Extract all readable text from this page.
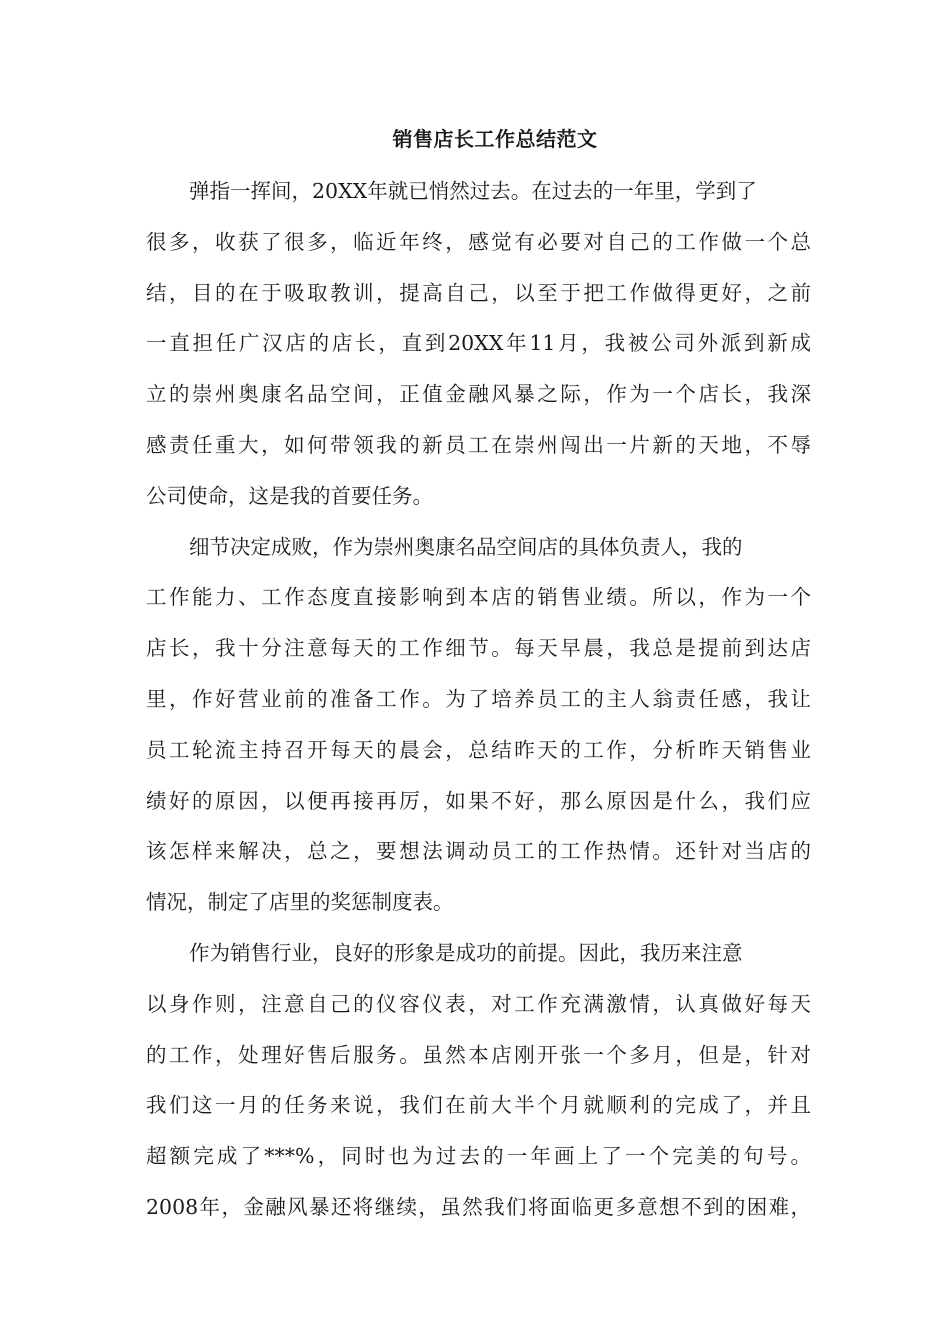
销售店长工作总结范文
弹指一挥间，20XX年就已悄然过去。在过去的一年里，学到了
很多，收获了很多，临近年终，感觉有必要对自己的工作做一个总
结，目的在于吸取教训，提高自己，以至于把工作做得更好，之前
一直担任广汉店的店长，直到20XX年11月，我被公司外派到新成
立的崇州奥康名品空间，正值金融风暴之际，作为一个店长，我深
感责任重大，如何带领我的新员工在崇州闯出一片新的天地，不辱
公司使命，这是我的首要任务。
细节决定成败，作为崇州奥康名品空间店的具体负责人，我的
工作能力、工作态度直接影响到本店的销售业绩。所以，作为一个
店长，我十分注意每天的工作细节。每天早晨，我总是提前到达店
里，作好营业前的准备工作。为了培养员工的主人翁责任感，我让
员工轮流主持召开每天的晨会，总结昨天的工作，分析昨天销售业
绩好的原因，以便再接再厉，如果不好，那么原因是什么，我们应
该怎样来解决，总之，要想法调动员工的工作热情。还针对当店的
情况，制定了店里的奖惩制度表。
作为销售行业，良好的形象是成功的前提。因此，我历来注意
以身作则，注意自己的仪容仪表，对工作充满激情，认真做好每天
的工作，处理好售后服务。虽然本店刚开张一个多月，但是，针对
我们这一月的任务来说，我们在前大半个月就顺利的完成了，并且
超额完成了***%，同时也为过去的一年画上了一个完美的句号。
2008年，金融风暴还将继续，虽然我们将面临更多意想不到的困难，
